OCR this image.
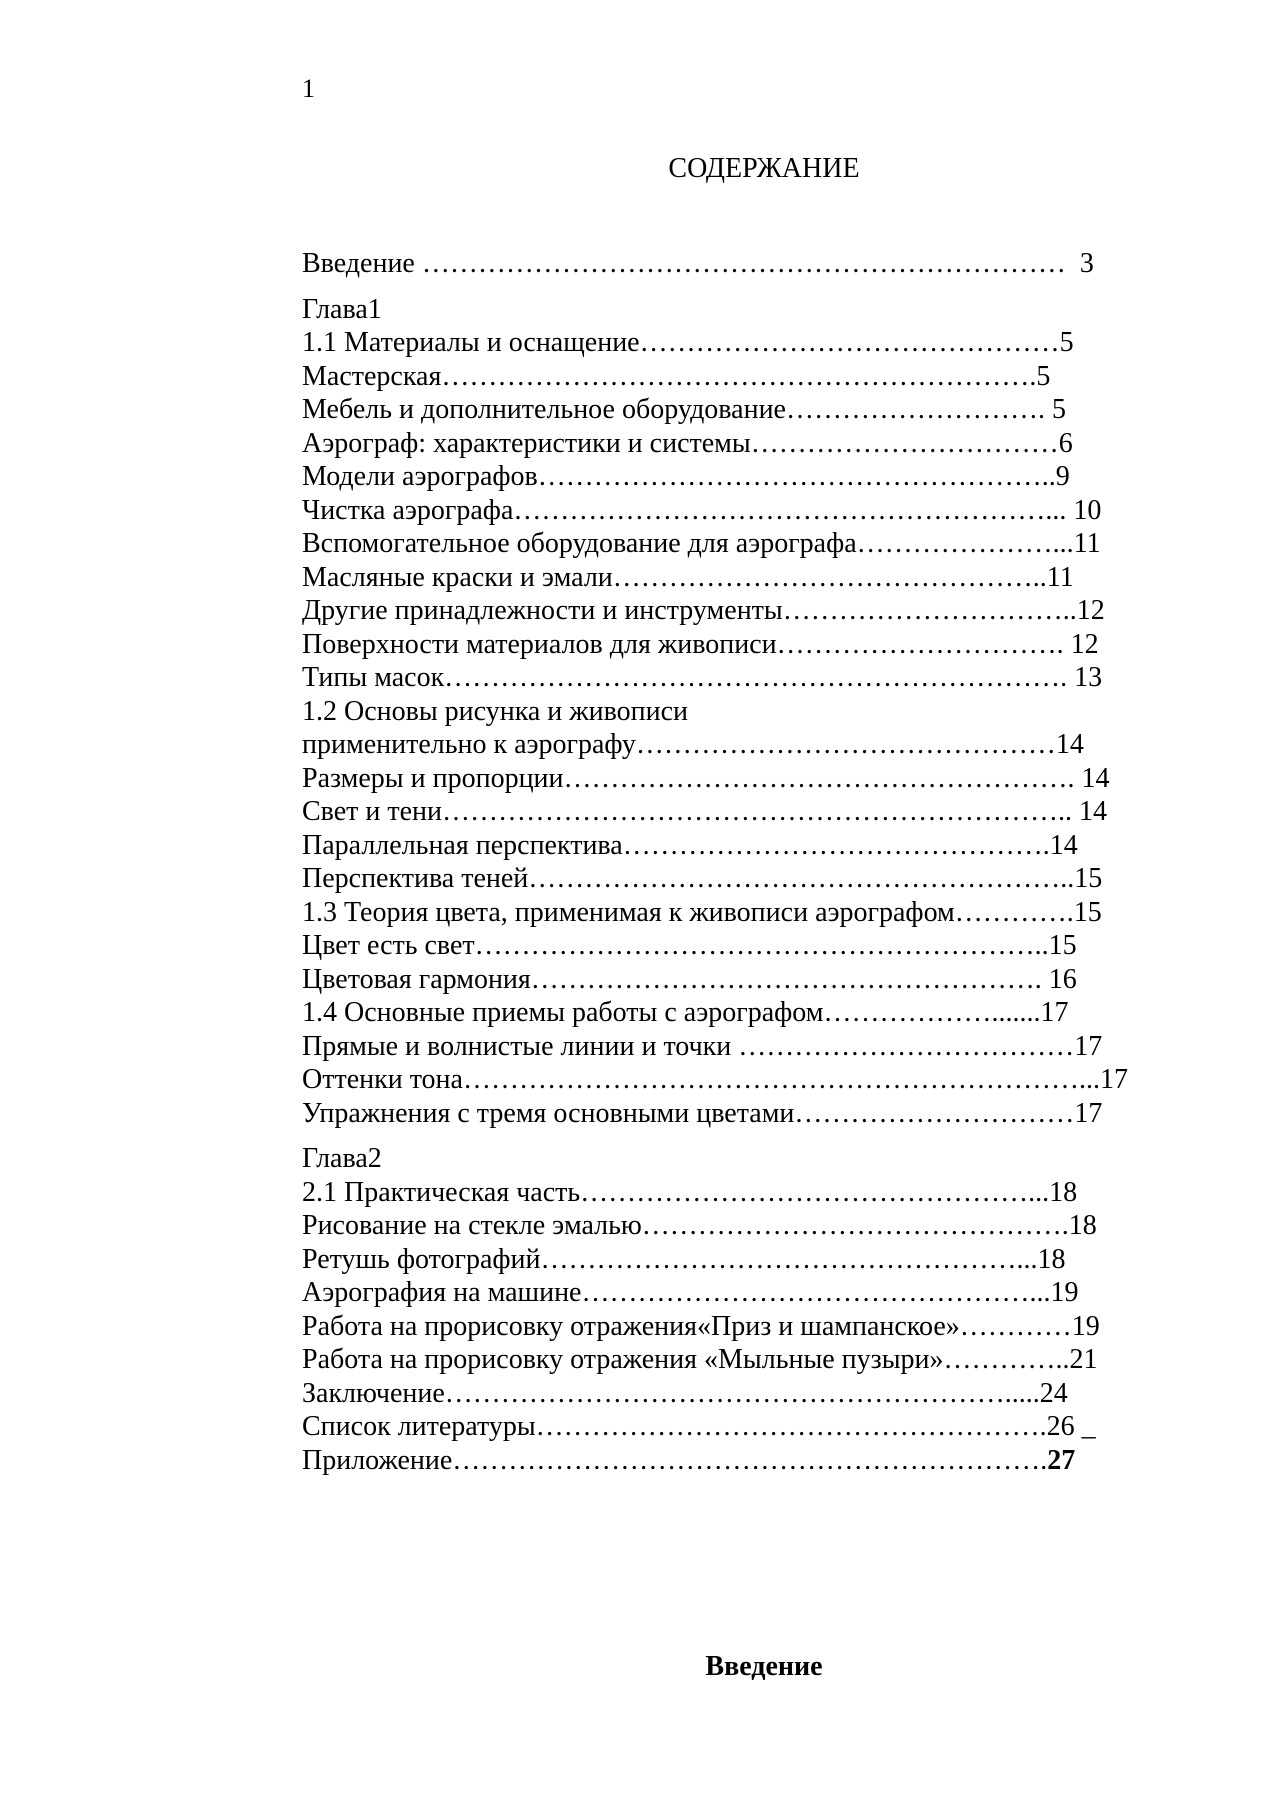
1
СОДЕРЖАНИЕ
Введение ……………………………………………………………  3
Глава1
1.1 Материалы и оснащение………………………………………5
Мастерская……………………………………………………….5
Мебель и дополнительное оборудование………………………. 5
Аэрограф: характеристики и системы……………………………6
Модели аэрографов………………………………………………..9
Чистка аэрографа…………………………………………………... 10
Вспомогательное оборудование для аэрографа…………………...11
Масляные краски и эмали………………………………………..11
Другие принадлежности и инструменты…………………………..12
Поверхности материалов для живописи…………………………. 12
Типы масок…………………………………………………………. 13
1.2 Основы рисунка и живописи
применительно к аэрографу………………………………………14
Размеры и пропорции………………………………………………. 14
Свет и тени………………………………………………………….. 14
Параллельная перспектива……………………………………….14
Перспектива теней…………………………………………………..15
1.3 Теория цвета, применимая к живописи аэрографом………….15
Цвет есть свет……………………………………………………..15
Цветовая гармония………………………………………………. 16
1.4 Основные приемы работы с аэрографом……………….......17
Прямые и волнистые линии и точки ………………………………17
Оттенки тона…………………………………………………………...17
Упражнения с тремя основными цветами…………………………17
Глава2
2.1 Практическая часть…………………………………………...18
Рисование на стекле эмалью……………………………………….18
Ретушь фотографий……………………………………………...18
Аэрография на машине…………………………………………...19
Работа на прорисовку отражения«Приз и шампанское»…………19
Работа на прорисовку отражения «Мыльные пузыри»…………..21
Заключение…………………………………………………….....24
Список литературы……………………………………………….26 _
Приложение……………………………………………………….27
Введение
